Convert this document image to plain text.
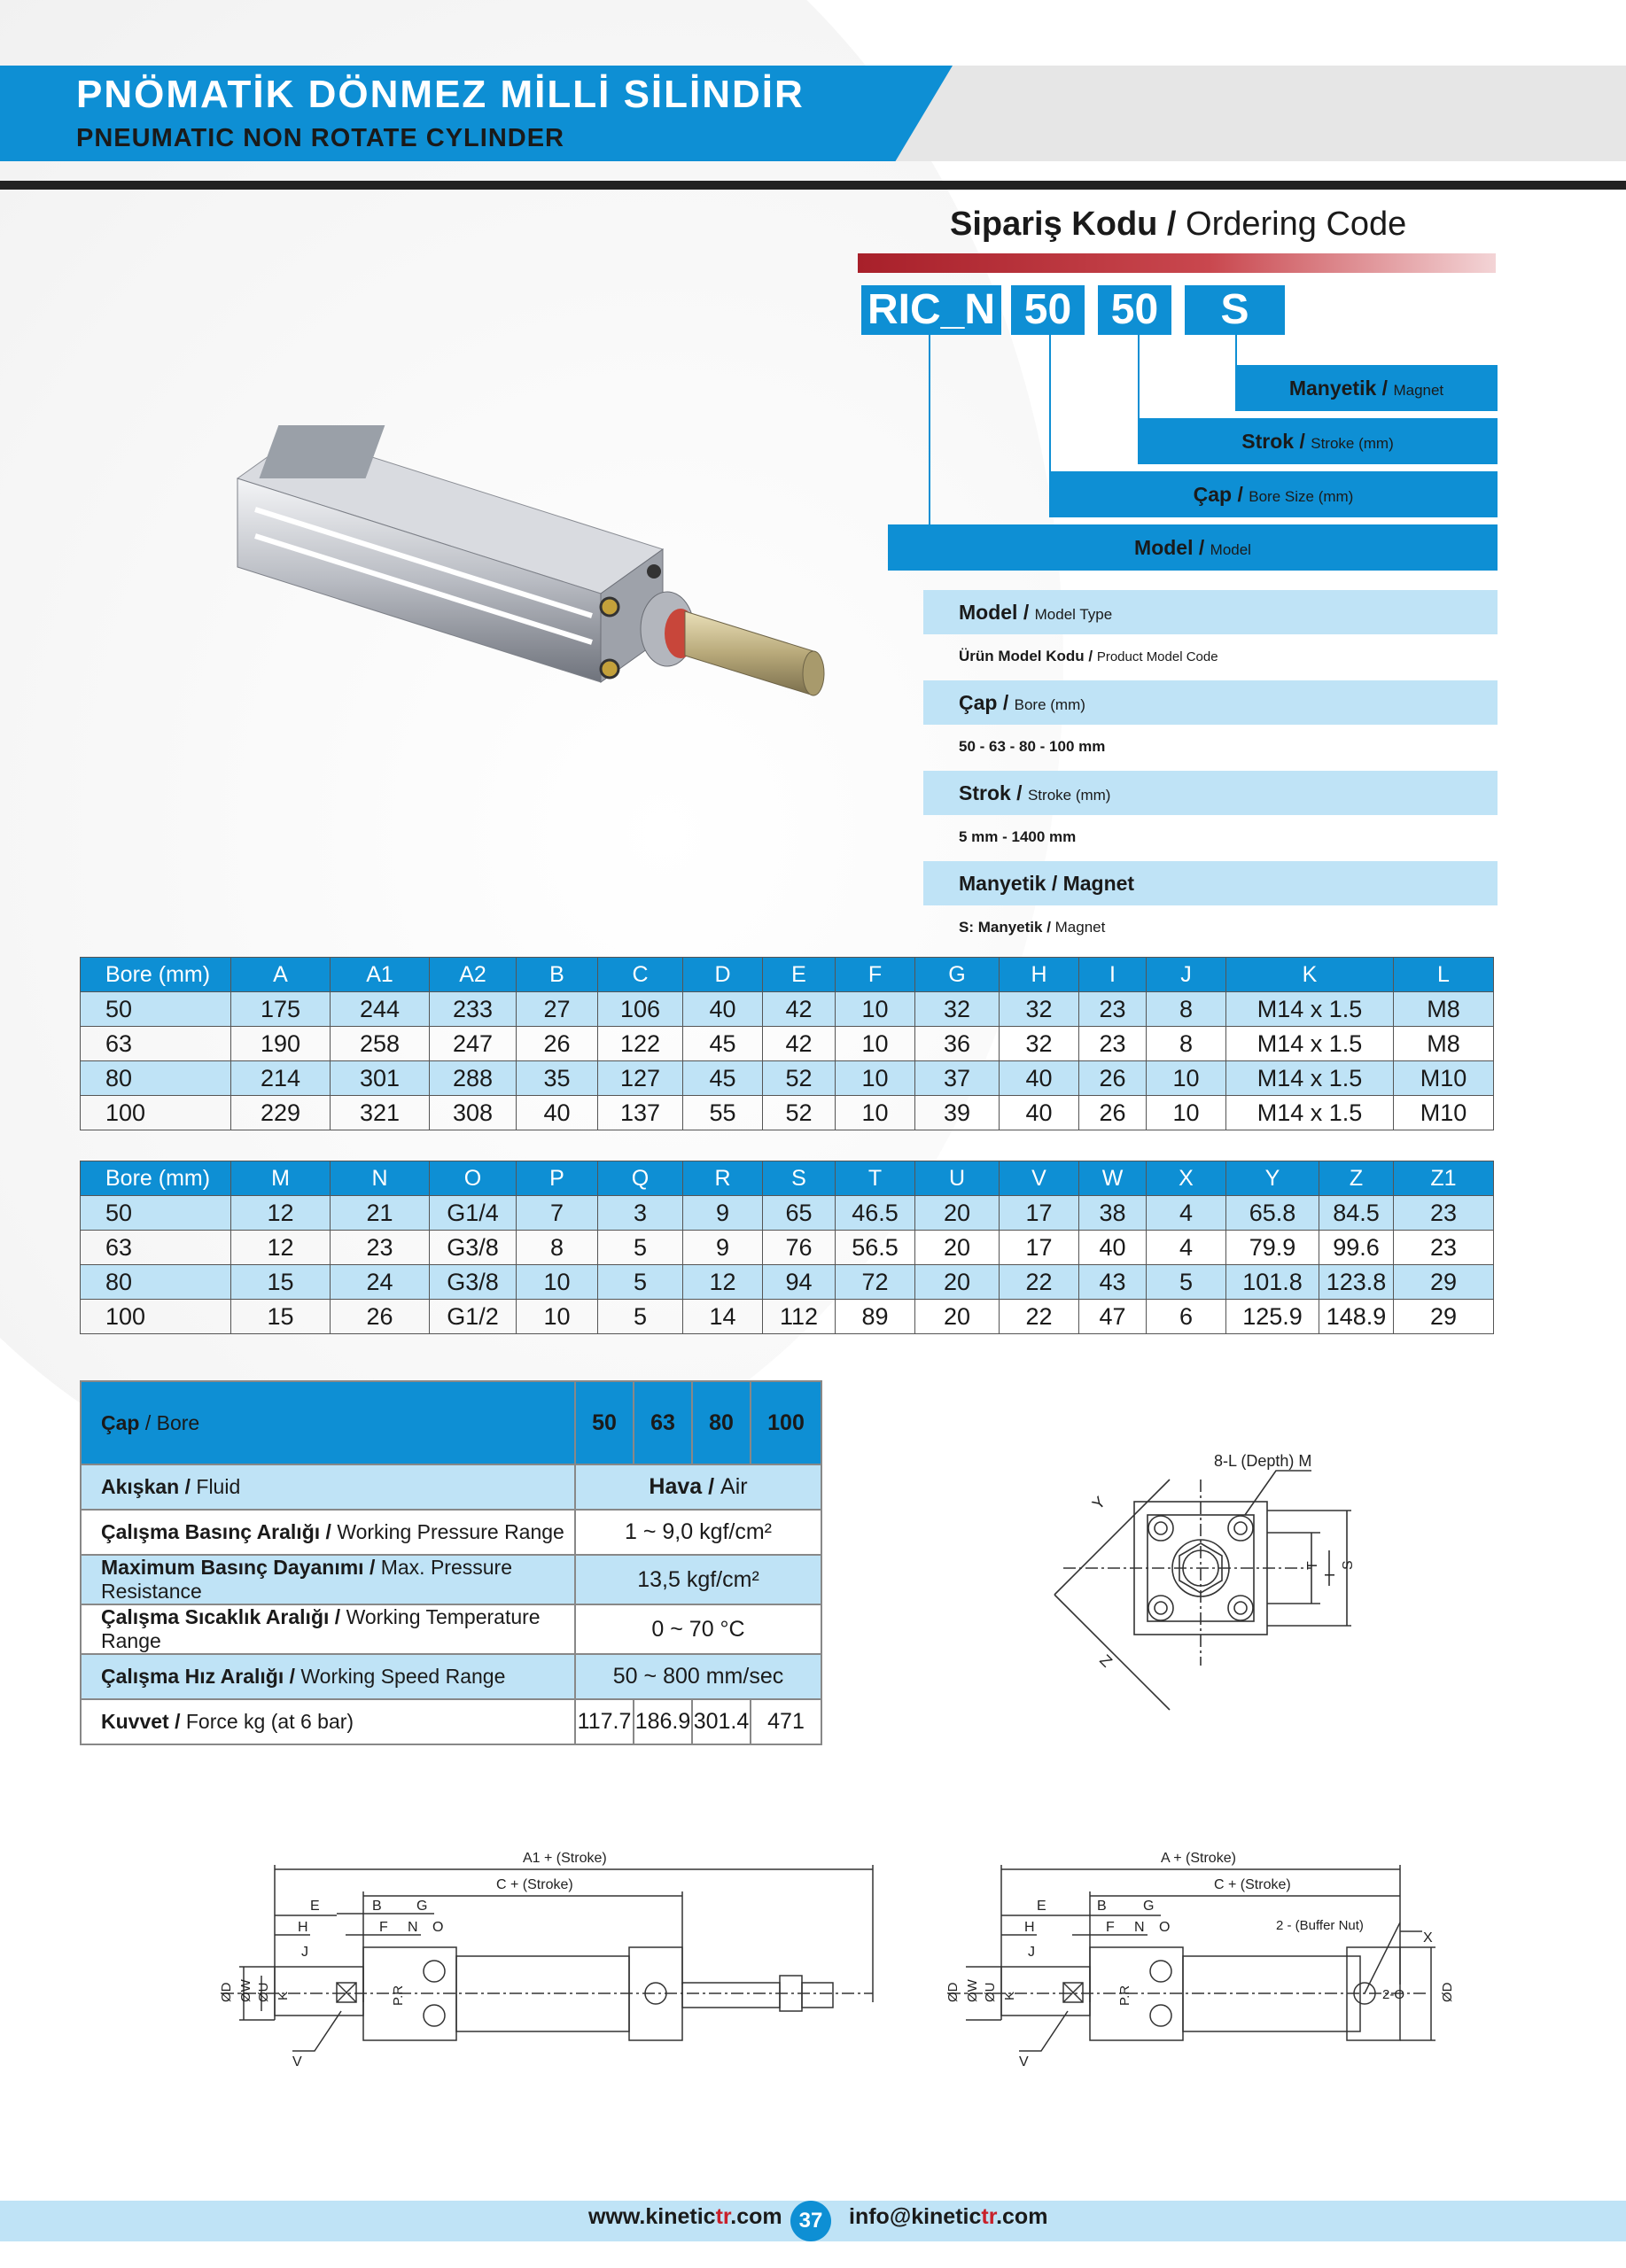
PNÖMATİK DÖNMEZ MİLLİ SİLİNDİR
PNEUMATIC NON ROTATE CYLINDER
Sipariş Kodu / Ordering Code
RIC_N 50 50	S
Manyetik / Magnet
Strok / Stroke (mm)
Çap / Bore Size (mm)
Model / Model
Model / Model Type
Ürün Model Kodu / Product Model Code
Çap / Bore (mm)
50 - 63 - 80 - 100 mm
Strok / Stroke (mm)
5 mm - 1400 mm
Manyetik / Magnet
S: Manyetik / Magnet
Bore (mm)	A	A1	A2	B	C	D	E	F	G	H	I	J	K	L
50	175	244	233	27	106	40	42	10	32	32	23	8	M14 x 1.5	M8
63	190	258	247	26	122	45	42	10	36	32	23	8	M14 x 1.5	M8
80	214	301	288	35	127	45	52	10	37	40	26	10	M14 x 1.5	M10
100	229	321	308	40	137	55	52	10	39	40	26	10	M14 x 1.5	M10
Bore (mm)	M	N	O	P	Q	R	S	T	U	V	W	X	Y	Z	Z1
50	12	21	G1/4	7	3	9	65	46.5	20	17	38	4	65.8	84.5	23
63	12	23	G3/8	8	5	9	76	56.5	20	17	40	4	79.9	99.6	23
80	15	24	G3/8	10	5	12	94	72	20	22	43	5	101.8	123.8	29
100	15	26	G1/2	10	5	14	112	89	20	22	47	6	125.9	148.9	29
Çap / Bore	50	63	80	100
Akışkan / Fluid	Hava / Air			
Çalışma Basınç Aralığı / Working Pressure Range	1 ~ 9,0 kgf/cm²			
Maximum Basınç Dayanımı / Max. Pressure Resistance	13,5 kgf/cm²			
Çalışma Sıcaklık Aralığı / Working Temperature Range	0 ~ 70 °C			
Çalışma Hız Aralığı / Working Speed Range	50 ~ 800 mm/sec			
Kuvvet / Force kg (at 6 bar)	117.7	186.9	301.4	471
8-L (Depth) M
Y
Z
I
T S
A1 + (Stroke)
C + (Stroke)
E	B G
H	F N O
J
ØD ØW ØU K	P.R
V
A + (Stroke)
C + (Stroke)
E	B	G
H	F N O
J
2 - (Buffer Nut)
X
ØD ØW ØU K	P.R	2-O	ØD
V
www.kinetictr.com 37	info@kinetictr.com
